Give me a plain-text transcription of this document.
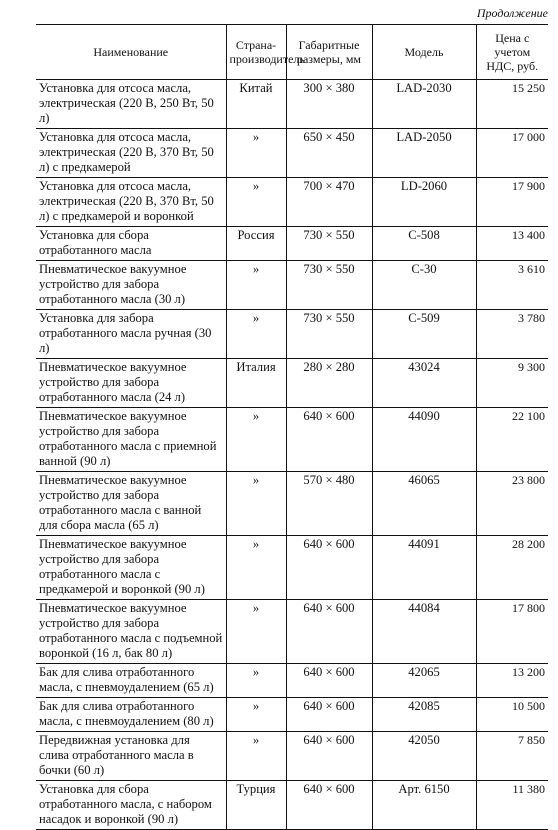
Продолжение
Наименование	Страна-производитель	Габаритные размеры, мм	Модель	Цена с учетом НДС, руб.
Установка для отсоса масла, электрическая (220 В, 250 Вт, 50 л)	Китай	300 × 380	LAD-2030	15 250
Установка для отсоса масла, электрическая (220 В, 370 Вт, 50 л) с предкамерой	»	650 × 450	LAD-2050	17 000
Установка для отсоса масла, электрическая (220 В, 370 Вт, 50 л) с предкамерой и воронкой	»	700 × 470	LD-2060	17 900
Установка для сбора отработанного масла	Россия	730 × 550	С-508	13 400
Пневматическое вакуумное устройство для забора отработанного масла (30 л)	»	730 × 550	С-30	3 610
Установка для забора отработанного масла ручная (30 л)	»	730 × 550	С-509	3 780
Пневматическое вакуумное устройство для забора отработанного масла (24 л)	Италия	280 × 280	43024	9 300
Пневматическое вакуумное устройство для забора отработанного масла с приемной ванной (90 л)	»	640 × 600	44090	22 100
Пневматическое вакуумное устройство для забора отработанного масла с ванной для сбора масла (65 л)	»	570 × 480	46065	23 800
Пневматическое вакуумное устройство для забора отработанного масла с предкамерой и воронкой (90 л)	»	640 × 600	44091	28 200
Пневматическое вакуумное устройство для забора отработанного масла с подъемной воронкой (16 л, бак 80 л)	»	640 × 600	44084	17 800
Бак для слива отработанного масла, с пневмоудалением (65 л)	»	640 × 600	42065	13 200
Бак для слива отработанного масла, с пневмоудалением (80 л)	»	640 × 600	42085	10 500
Передвижная установка для слива отработанного масла в бочки (60 л)	»	640 × 600	42050	7 850
Установка для сбора отработанного масла, с набором насадок и воронкой (90 л)	Турция	640 × 600	Арт. 6150	11 380
